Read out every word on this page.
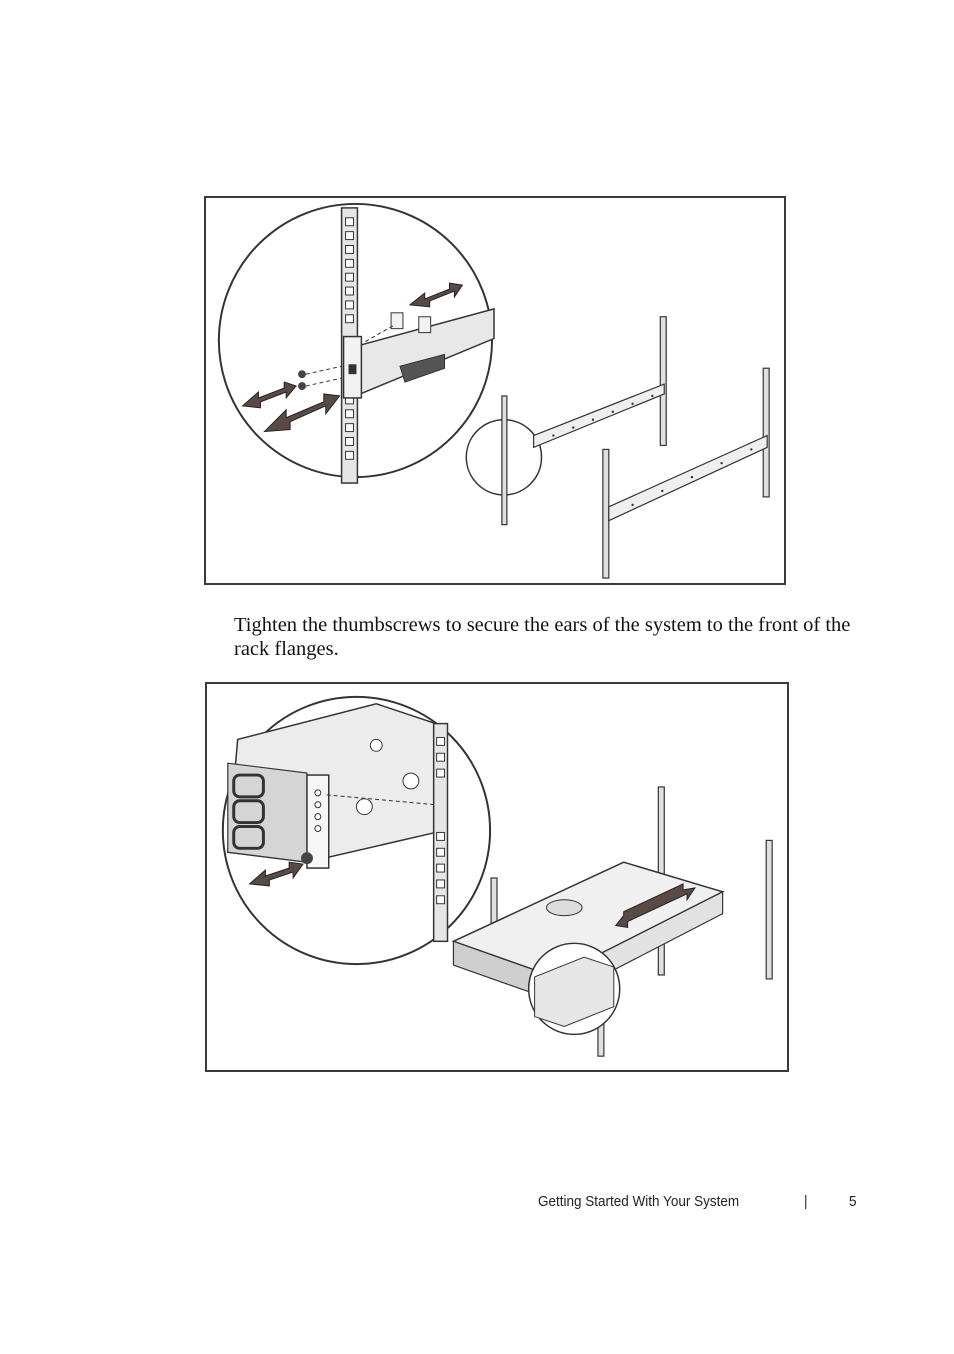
Tighten the thumbscrews to secure the ears of the system to the front of the rack flanges.

Getting Started With Your System	|	5
